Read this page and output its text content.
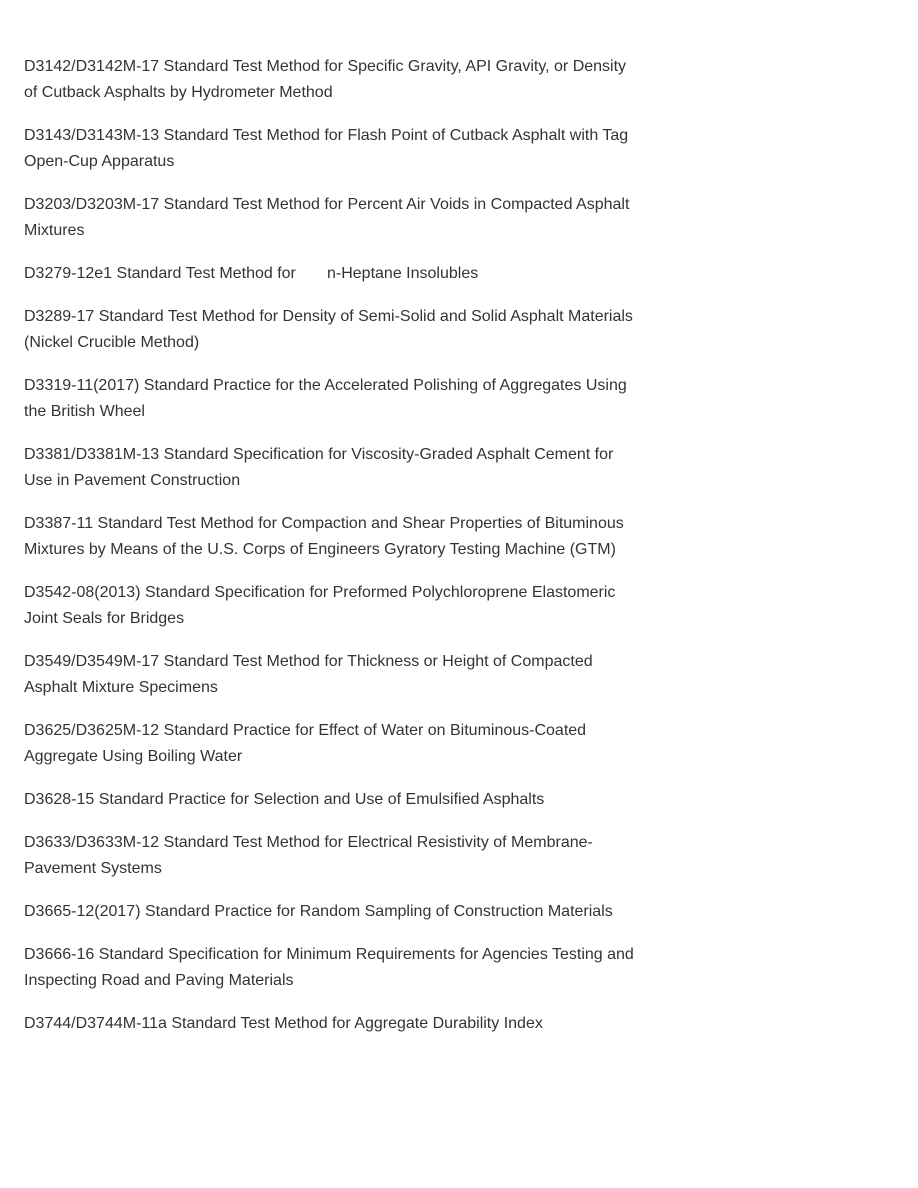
D3142/D3142M-17 Standard Test Method for Specific Gravity, API Gravity, or Density of Cutback Asphalts by Hydrometer Method
D3143/D3143M-13 Standard Test Method for Flash Point of Cutback Asphalt with Tag Open-Cup Apparatus
D3203/D3203M-17 Standard Test Method for Percent Air Voids in Compacted Asphalt Mixtures
D3279-12e1 Standard Test Method for       n-Heptane Insolubles
D3289-17 Standard Test Method for Density of Semi-Solid and Solid Asphalt Materials (Nickel Crucible Method)
D3319-11(2017) Standard Practice for the Accelerated Polishing of Aggregates Using the British Wheel
D3381/D3381M-13 Standard Specification for Viscosity-Graded Asphalt Cement for Use in Pavement Construction
D3387-11 Standard Test Method for Compaction and Shear Properties of Bituminous Mixtures by Means of the U.S. Corps of Engineers Gyratory Testing Machine (GTM)
D3542-08(2013) Standard Specification for Preformed Polychloroprene Elastomeric Joint Seals for Bridges
D3549/D3549M-17 Standard Test Method for Thickness or Height of Compacted Asphalt Mixture Specimens
D3625/D3625M-12 Standard Practice for Effect of Water on Bituminous-Coated Aggregate Using Boiling Water
D3628-15 Standard Practice for Selection and Use of Emulsified Asphalts
D3633/D3633M-12 Standard Test Method for Electrical Resistivity of Membrane-Pavement Systems
D3665-12(2017) Standard Practice for Random Sampling of Construction Materials
D3666-16 Standard Specification for Minimum Requirements for Agencies Testing and Inspecting Road and Paving Materials
D3744/D3744M-11a Standard Test Method for Aggregate Durability Index
